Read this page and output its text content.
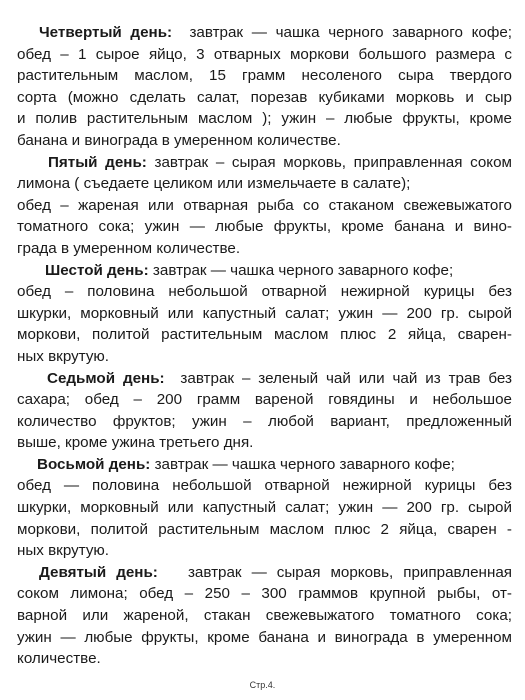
Четвертый день: завтрак — чашка черного заварного кофе;
обед – 1 сырое яйцо, 3 отварных моркови большого размера с
растительным маслом, 15 грамм несоленого сыра твердого
сорта (можно сделать салат, порезав кубиками морковь и сыр
и полив растительным маслом ); ужин – любые фрукты, кроме
банана и винограда в умеренном количестве.
Пятый день: завтрак – сырая морковь, приправленная соком
лимона ( съедаете целиком или измельчаете в салате);
обед – жареная или отварная рыба со стаканом свежевыжатого
томатного сока; ужин — любые фрукты, кроме банана и вино-
града в умеренном количестве.
Шестой день: завтрак — чашка черного заварного кофе;
обед – половина небольшой отварной нежирной курицы без
шкурки, морковный или капустный салат; ужин — 200 гр. сырой
моркови, политой растительным маслом плюс 2 яйца, сварен-
ных вкрутую.
Седьмой день: завтрак – зеленый чай или чай из трав без
сахара; обед – 200 грамм вареной говядины и небольшое
количество фруктов; ужин – любой вариант, предложенный
выше, кроме ужина третьего дня.
Восьмой день: завтрак — чашка черного заварного кофе;
обед — половина небольшой отварной нежирной курицы без
шкурки, морковный или капустный салат; ужин — 200 гр. сырой
моркови, политой растительным маслом плюс 2 яйца, сварен -
ных вкрутую.
Девятый день: завтрак — сырая морковь, приправленная
соком лимона; обед – 250 – 300 граммов крупной рыбы, от-
варной или жареной, стакан свежевыжатого томатного сока;
ужин — любые фрукты, кроме банана и винограда в умеренном
количестве.
Стр.4.
